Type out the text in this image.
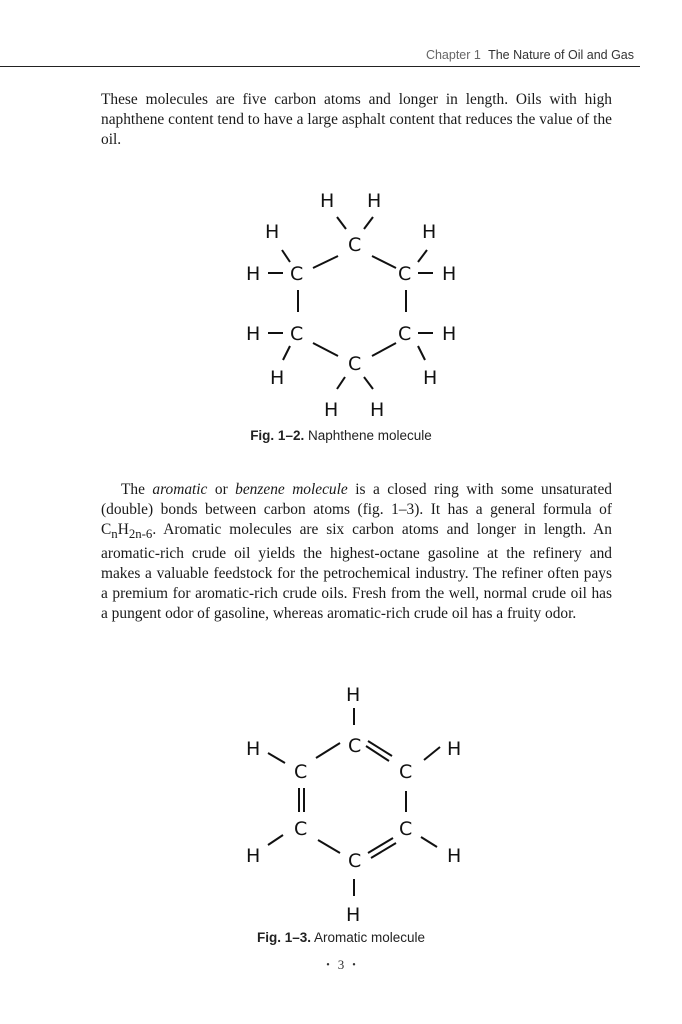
Chapter 1 The Nature of Oil and Gas

These molecules are five carbon atoms and longer in length. Oils with high naphthene content tend to have a large asphalt content that reduces the value of the oil.

H H
C
H	H
H C	C H
H C	C H
H	H
C
H H
Fig. 1–2. Naphthene molecule

The aromatic or benzene molecule is a closed ring with some unsaturated (double) bonds between carbon atoms (fig. 1–3). It has a general formula of $C_nH_{2n-6}$. Aromatic molecules are six carbon atoms and longer in length. An aromatic-rich crude oil yields the highest-octane gasoline at the refinery and makes a valuable feedstock for the petrochemical industry. The refiner often pays a premium for aromatic-rich crude oils. Fresh from the well, normal crude oil has a pungent odor of gasoline, whereas aromatic-rich crude oil has a fruity odor.

H
C
H	H
C	C
C	C
H	H
C
H
Fig. 1–3. Aromatic molecule
• 3 •
